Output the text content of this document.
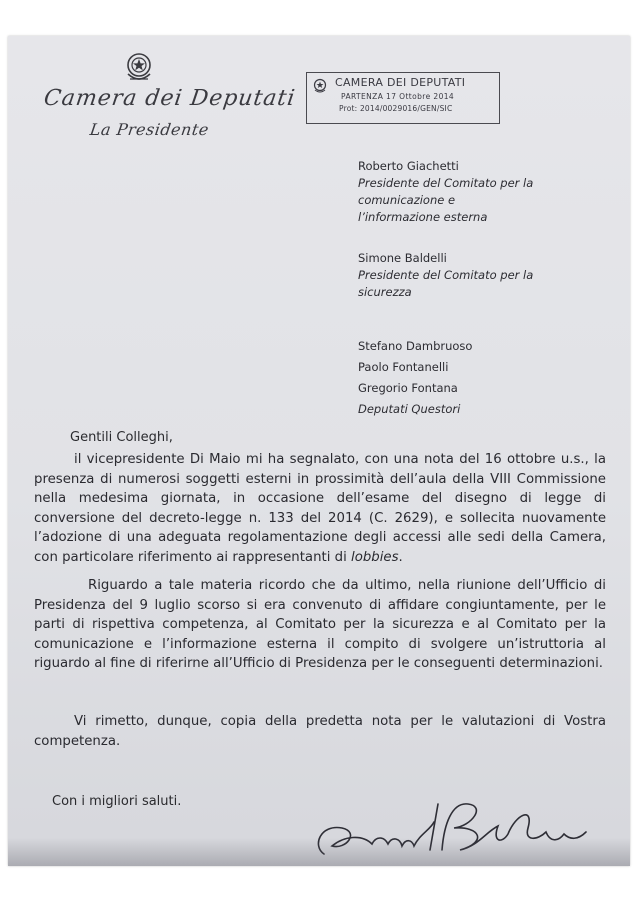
Camera dei Deputati
La Presidente
CAMERA DEI DEPUTATI
PARTENZA 17 Ottobre 2014
Prot: 2014/0029016/GEN/SIC
Roberto Giachetti
Presidente del Comitato per la
comunicazione e
l’informazione esterna
Simone Baldelli
Presidente del Comitato per la
sicurezza
Stefano Dambruoso
Paolo Fontanelli
Gregorio Fontana
Deputati Questori
Gentili Colleghi,

il vicepresidente Di Maio mi ha segnalato, con una nota del 16 ottobre u.s., la presenza di numerosi soggetti esterni in prossimità dell’aula della VIII Commissione nella medesima giornata, in occasione dell’esame del disegno di legge di conversione del decreto-legge n. 133 del 2014 (C. 2629), e sollecita nuovamente l’adozione di una adeguata regolamentazione degli accessi alle sedi della Camera, con particolare riferimento ai rappresentanti di lobbies.

Riguardo a tale materia ricordo che da ultimo, nella riunione dell’Ufficio di Presidenza del 9 luglio scorso si era convenuto di affidare congiuntamente, per le parti di rispettiva competenza, al Comitato per la sicurezza e al Comitato per la comunicazione e l’informazione esterna il compito di svolgere un’istruttoria al riguardo al fine di riferirne all’Ufficio di Presidenza per le conseguenti determinazioni.

Vi rimetto, dunque, copia della predetta nota per le valutazioni di Vostra competenza.

Con i migliori saluti.
